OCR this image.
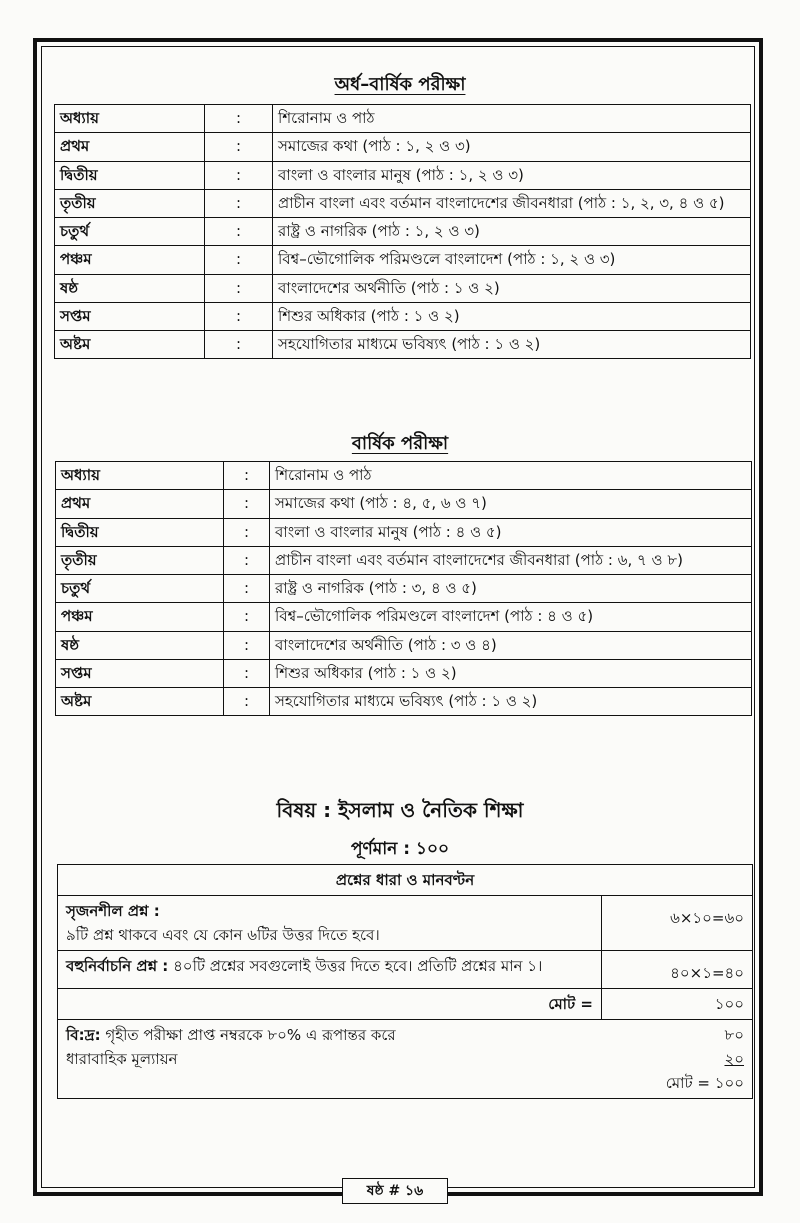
অর্ধ–বার্ষিক পরীক্ষা
অধ্যায়	:	শিরোনাম ও পাঠ
প্রথম	:	সমাজের কথা (পাঠ : ১, ২ ও ৩)
দ্বিতীয়	:	বাংলা ও বাংলার মানুষ (পাঠ : ১, ২ ও ৩)
তৃতীয়	:	প্রাচীন বাংলা এবং বর্তমান বাংলাদেশের জীবনধারা (পাঠ : ১, ২, ৩, ৪ ও ৫)
চতুর্থ	:	রাষ্ট্র ও নাগরিক (পাঠ : ১, ২ ও ৩)
পঞ্চম	:	বিশ্ব–ভৌগোলিক পরিমণ্ডলে বাংলাদেশ (পাঠ : ১, ২ ও ৩)
ষষ্ঠ	:	বাংলাদেশের অর্থনীতি (পাঠ : ১ ও ২)
সপ্তম	:	শিশুর অধিকার (পাঠ : ১ ও ২)
অষ্টম	:	সহযোগিতার মাধ্যমে ভবিষ্যৎ (পাঠ : ১ ও ২)
বার্ষিক পরীক্ষা
অধ্যায়	:	শিরোনাম ও পাঠ
প্রথম	:	সমাজের কথা (পাঠ : ৪, ৫, ৬ ও ৭)
দ্বিতীয়	:	বাংলা ও বাংলার মানুষ (পাঠ : ৪ ও ৫)
তৃতীয়	:	প্রাচীন বাংলা এবং বর্তমান বাংলাদেশের জীবনধারা (পাঠ : ৬, ৭ ও ৮)
চতুর্থ	:	রাষ্ট্র ও নাগরিক (পাঠ : ৩, ৪ ও ৫)
পঞ্চম	:	বিশ্ব–ভৌগোলিক পরিমণ্ডলে বাংলাদেশ (পাঠ : ৪ ও ৫)
ষষ্ঠ	:	বাংলাদেশের অর্থনীতি (পাঠ : ৩ ও ৪)
সপ্তম	:	শিশুর অধিকার (পাঠ : ১ ও ২)
অষ্টম	:	সহযোগিতার মাধ্যমে ভবিষ্যৎ (পাঠ : ১ ও ২)
বিষয় : ইসলাম ও নৈতিক শিক্ষা
পূর্ণমান : ১০০
প্রশ্নের ধারা ও মানবণ্টন	

সৃজনশীল প্রশ্ন :
৯টি প্রশ্ন থাকবে এবং যে কোন ৬টির উত্তর দিতে হবে।	৬×১০=৬০
বহুনির্বাচনি প্রশ্ন : ৪০টি প্রশ্নের সবগুলোই উত্তর দিতে হবে। প্রতিটি প্রশ্নের মান ১।	৪০×১=৪০
মোট =	১০০

বি:দ্র: গৃহীত পরীক্ষা প্রাপ্ত নম্বরকে ৮০% এ রূপান্তর করে ৮০
ধারাবাহিক মূল্যায়ন ২০
মোট = ১০০	
ষষ্ঠ # ১৬
